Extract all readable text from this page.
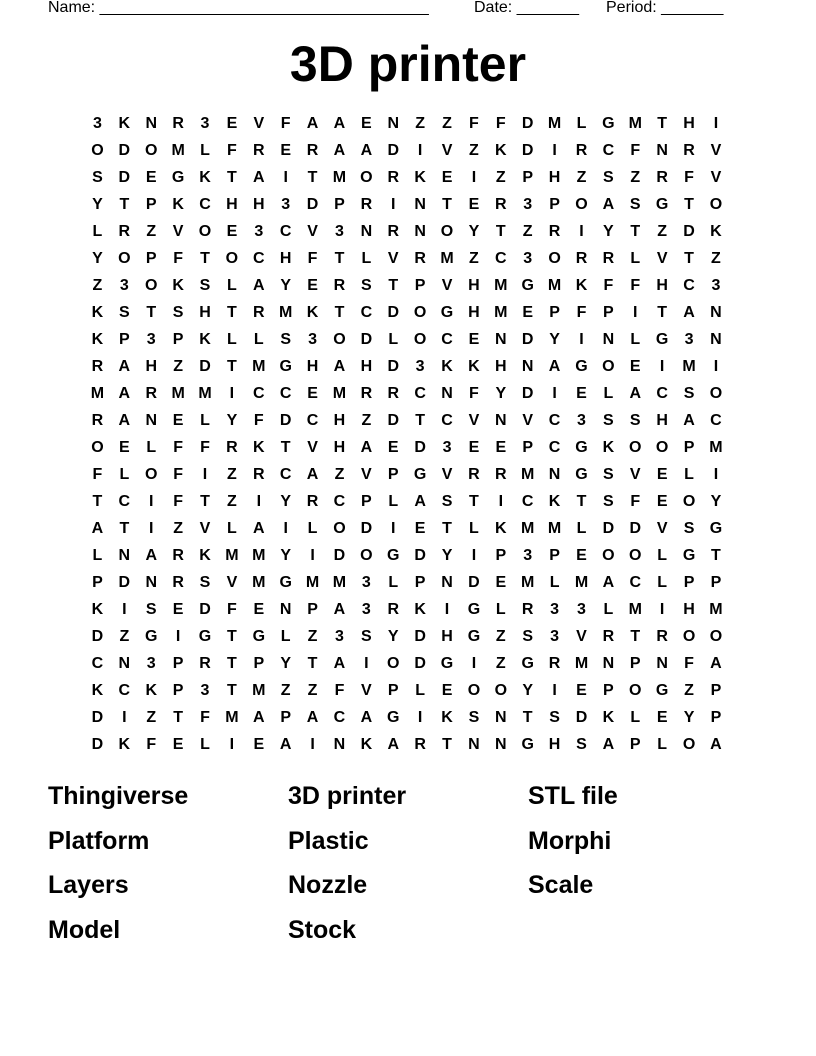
Name: _____________________________________

	Date: _______

Period: _______

3D printer
3	K N R	3	E	V	F	A A E N	Z	Z	F	F	D M L G M T	H	I
O D O M L	F	R E R A A D	I	V	Z	K D	I	R C	F	N R V
S D E G K	T	A	I	T M O R K E	I	Z	P H	Z	S	Z	R	F	V
Y	T	P K C H H	3	D P R	I	N	T	E R	3	P O A S G T O
L	R	Z	V O E	3	C V	3	N R N O Y	T	Z	R	I	Y	T	Z	D K
Y O P	F	T O C H	F	T	L	V R M Z	C	3	O R R	L	V	T	Z
Z	3	O K S	L	A Y	E R S	T	P	V H M G M K	F	F	H C	3
K S	T	S H	T	R M K	T	C D O G H M E	P	F	P	I	T	A N
K P	3	P K	L	L	S	3	O D	L O C E N D Y	I	N	L G	3	N
R A H	Z	D	T M G H A H D	3	K K H N A G O E	I	M	I
M A R M M	I	C C E M R R C N	F	Y D	I	E	L	A C S O
R A N E	L	Y	F	D C H	Z	D	T	C V N V C	3	S	S H A C
O E	L	F	F	R K	T	V H A E D	3	E	E	P C G K O O P M
F	L O F	I	Z	R C A	Z	V	P G V R R M N G S	V	E	L	I
T	C	I	F	T	Z	I	Y R C P	L	A S	T	I	C K	T	S	F	E O Y
A	T	I	Z	V	L	A	I	L O D	I	E	T	L	K M M L	D D V	S G
L	N A R K M M Y	I	D O G D Y	I	P	3	P	E O O L G T
P D N R S	V M G M M 3	L	P N D E M L M A C	L	P	P
K	I	S	E D	F	E N P A	3	R K	I	G L	R	3	3	L M	I	H M
D	Z G	I	G T G L	Z	3	S	Y D H G Z	S	3	V R	T	R O O
C N	3	P R	T	P	Y	T	A	I	O D G	I	Z G R M N P N	F	A
K C K P	3	T M Z	Z	F	V	P	L	E O O Y	I	E	P O G Z	P
D	I	Z	T	F M A P A C A G	I	K S N	T	S D K	L	E	Y	P
D K	F	E	L	I	E A	I	N K A R	T	N N G H S A P	L O A
Thingiverse	3D printer	STL file
Platform	Plastic	Morphi
Layers	Nozzle	Scale
Model	Stock
